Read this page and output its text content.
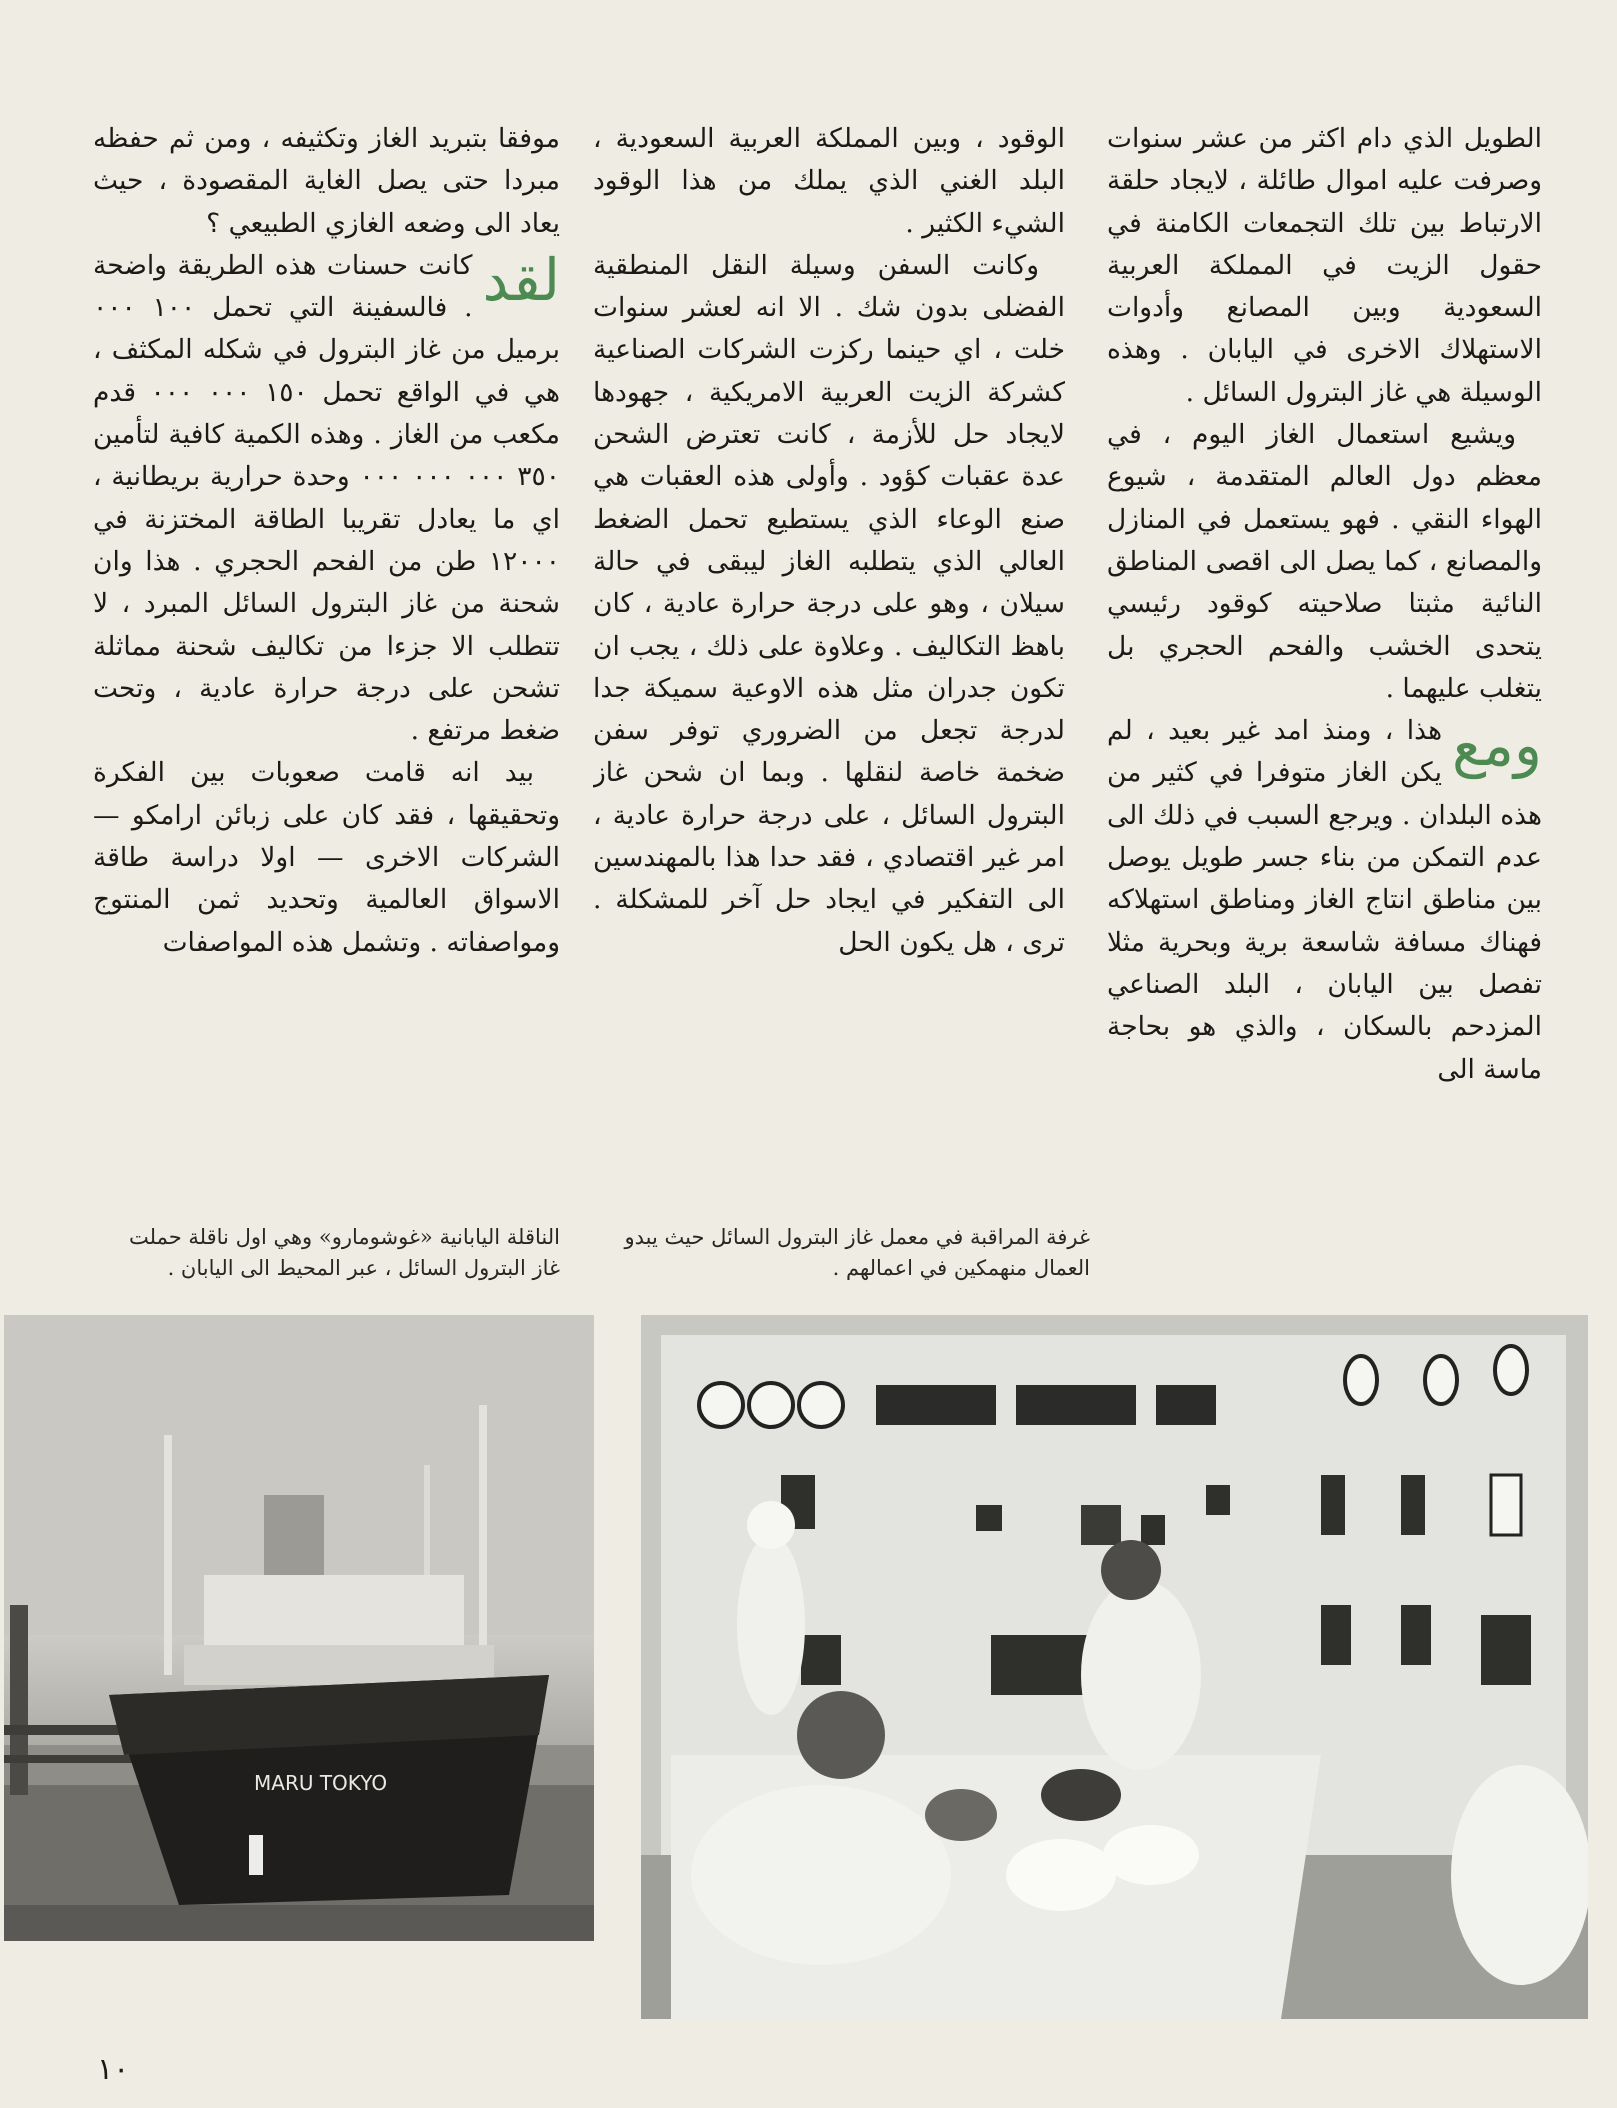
الطويل الذي دام اكثر من عشر سنوات وصرفت عليه اموال طائلة ، لايجاد حلقة الارتباط بين تلك التجمعات الكامنة في حقول الزيت في المملكة العربية السعودية وبين المصانع وأدوات الاستهلاك الاخرى في اليابان . وهذه الوسيلة هي غاز البترول السائل .

ويشيع استعمال الغاز اليوم ، في معظم دول العالم المتقدمة ، شيوع الهواء النقي . فهو يستعمل في المنازل والمصانع ، كما يصل الى اقصى المناطق النائية مثبتا صلاحيته كوقود رئيسي يتحدى الخشب والفحم الحجري بل يتغلب عليهما .

ومع
هذا ، ومنذ امد غير بعيد ، لم يكن الغاز متوفرا في كثير من هذه البلدان . ويرجع السبب في ذلك الى عدم التمكن من بناء جسر طويل يوصل بين مناطق انتاج الغاز ومناطق استهلاكه فهناك مسافة شاسعة برية وبحرية مثلا تفصل بين اليابان ، البلد الصناعي المزدحم بالسكان ، والذي هو بحاجة ماسة الى

الوقود ، وبين المملكة العربية السعودية ، البلد الغني الذي يملك من هذا الوقود الشيء الكثير .

وكانت السفن وسيلة النقل المنطقية الفضلى بدون شك . الا انه لعشر سنوات خلت ، اي حينما ركزت الشركات الصناعية كشركة الزيت العربية الامريكية ، جهودها لايجاد حل للأزمة ، كانت تعترض الشحن عدة عقبات كؤود . وأولى هذه العقبات هي صنع الوعاء الذي يستطيع تحمل الضغط العالي الذي يتطلبه الغاز ليبقى في حالة سيلان ، وهو على درجة حرارة عادية ، كان باهظ التكاليف . وعلاوة على ذلك ، يجب ان تكون جدران مثل هذه الاوعية سميكة جدا لدرجة تجعل من الضروري توفر سفن ضخمة خاصة لنقلها . وبما ان شحن غاز البترول السائل ، على درجة حرارة عادية ، امر غير اقتصادي ، فقد حدا هذا بالمهندسين الى التفكير في ايجاد حل آخر للمشكلة . ترى ، هل يكون الحل

موفقا بتبريد الغاز وتكثيفه ، ومن ثم حفظه مبردا حتى يصل الغاية المقصودة ، حيث يعاد الى وضعه الغازي الطبيعي ؟

لقد
كانت حسنات هذه الطريقة واضحة . فالسفينة التي تحمل ١٠٠ ٠٠٠ برميل من غاز البترول في شكله المكثف ، هي في الواقع تحمل ١٥٠ ٠٠٠ ٠٠٠ قدم مكعب من الغاز . وهذه الكمية كافية لتأمين ٣٥٠ ٠٠٠ ٠٠٠ ٠٠٠ وحدة حرارية بريطانية ، اي ما يعادل تقريبا الطاقة المختزنة في ١٢٠٠٠ طن من الفحم الحجري . هذا وان شحنة من غاز البترول السائل المبرد ، لا تتطلب الا جزءا من تكاليف شحنة مماثلة تشحن على درجة حرارة عادية ، وتحت ضغط مرتفع .

بيد انه قامت صعوبات بين الفكرة وتحقيقها ، فقد كان على زبائن ارامكو — الشركات الاخرى — اولا دراسة طاقة الاسواق العالمية وتحديد ثمن المنتوج ومواصفاته . وتشمل هذه المواصفات

غرفة المراقبة في معمل غاز البترول السائل حيث يبدو العمال منهمكين في اعمالهم .
الناقلة اليابانية «غوشومارو» وهي اول ناقلة حملت غاز البترول السائل ، عبر المحيط الى اليابان .
MARU TOKYO
١٠
